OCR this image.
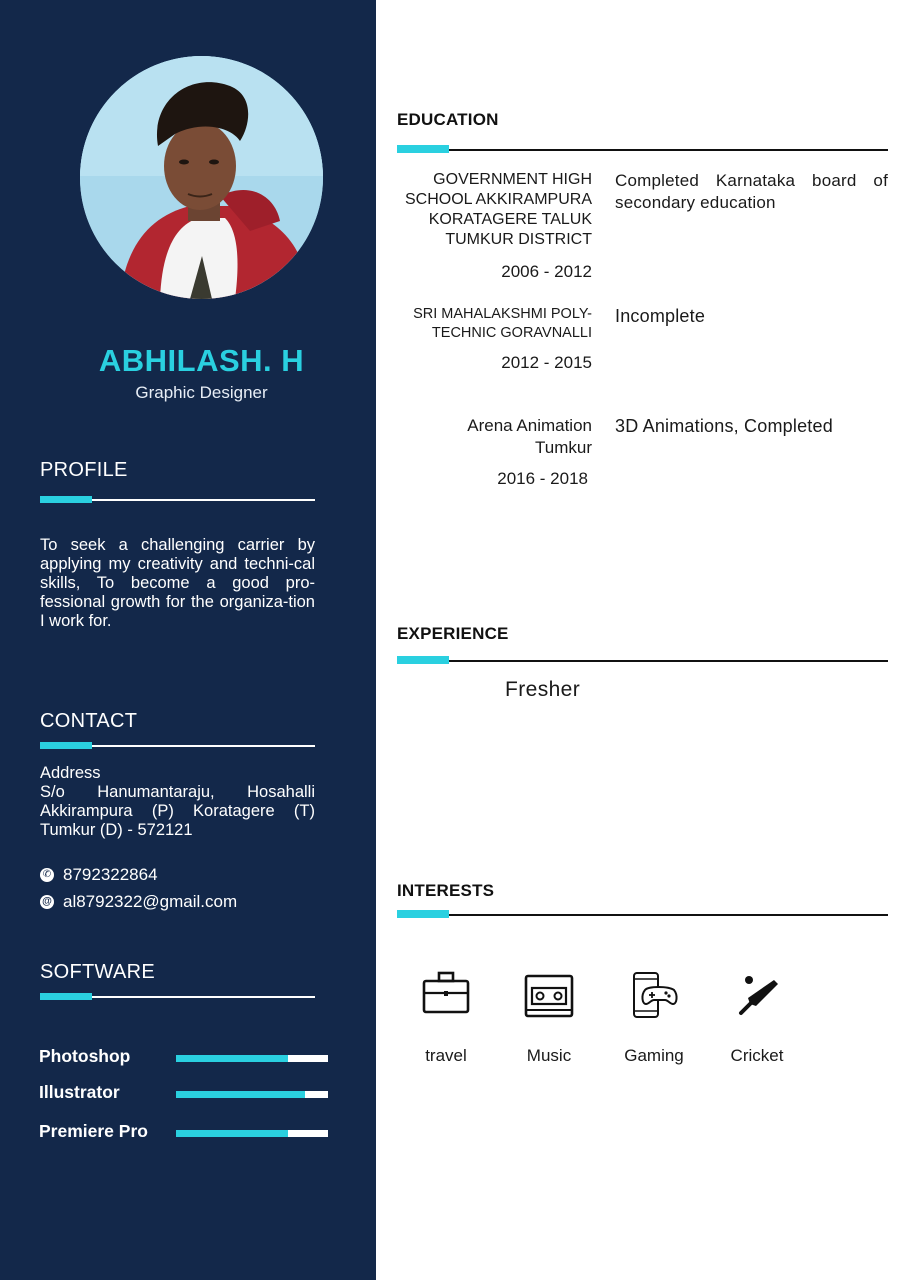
ABHILASH. H
Graphic Designer
PROFILE
To seek a challenging carrier by applying my creativity and techni-cal skills, To become a good pro-fessional growth for the organiza-tion I work for.
CONTACT
Address
S/o Hanumantaraju, Hosahalli Akkirampura (P) Koratagere (T) Tumkur (D) - 572121
✆ 8792322864
@ al8792322@gmail.com
SOFTWARE
Photoshop
Illustrator
Premiere Pro
EDUCATION
GOVERNMENT HIGH
SCHOOL AKKIRAMPURA
KORATAGERE TALUK
TUMKUR DISTRICT
2006 - 2012
Completed Karnataka board of secondary education
SRI MAHALAKSHMI POLY-
TECHNIC GORAVNALLI
2012 - 2015
Incomplete
Arena Animation
Tumkur
2016 - 2018
3D Animations, Completed
EXPERIENCE
Fresher
INTERESTS
travel	Music	Gaming	Cricket
